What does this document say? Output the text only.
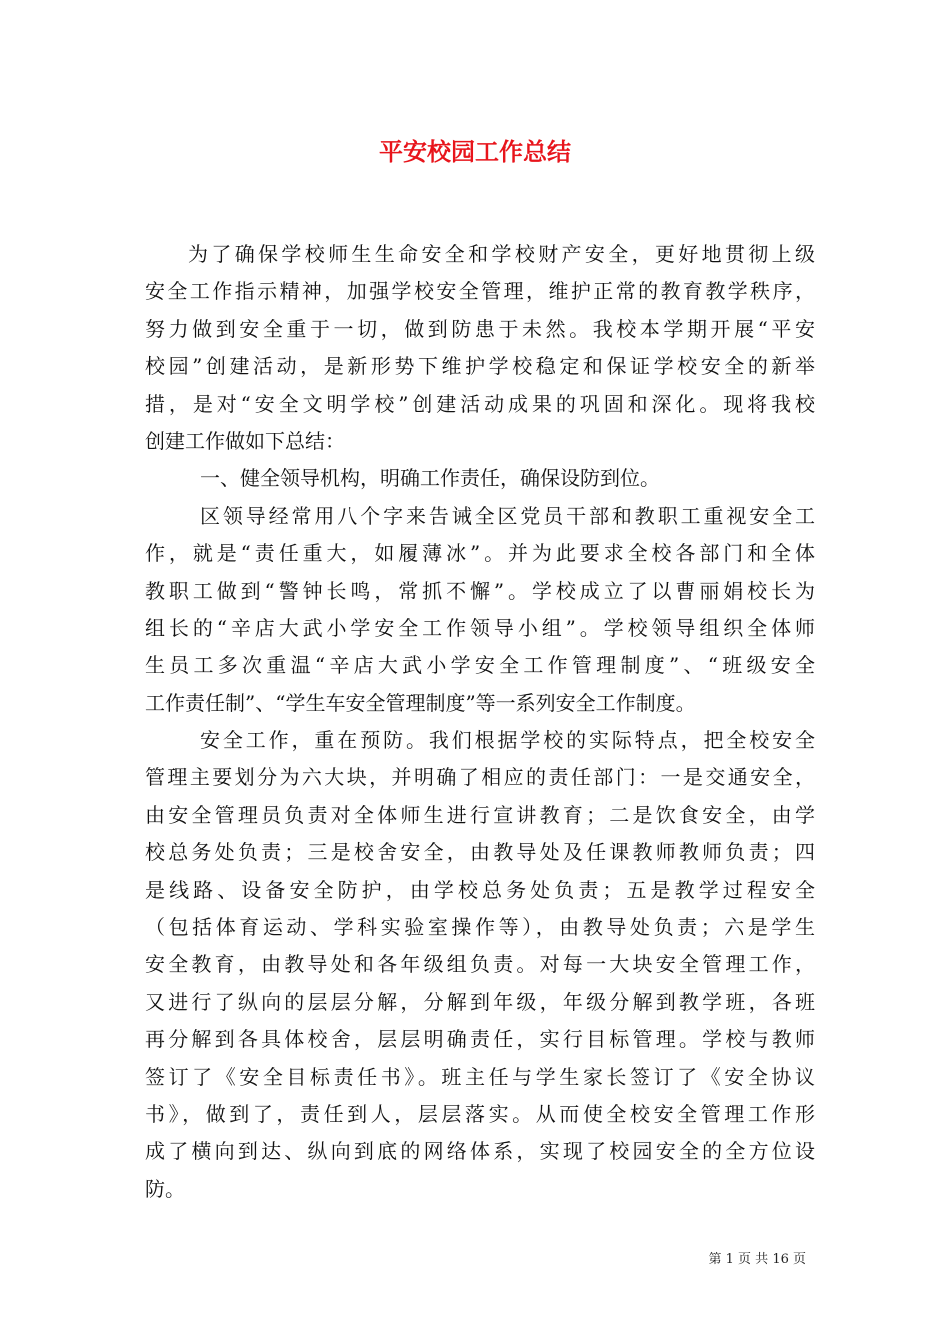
平安校园工作总结
为了确保学校师生生命安全和学校财产安全，更好地贯彻上级
安全工作指示精神，加强学校安全管理，维护正常的教育教学秩序，
努力做到安全重于一切，做到防患于未然。我校本学期开展“平安
校园”创建活动，是新形势下维护学校稳定和保证学校安全的新举
措，是对“安全文明学校”创建活动成果的巩固和深化。现将我校
创建工作做如下总结：
一、健全领导机构，明确工作责任，确保设防到位。
区领导经常用八个字来告诫全区党员干部和教职工重视安全工
作，就是“责任重大，如履薄冰”。并为此要求全校各部门和全体
教职工做到“警钟长鸣，常抓不懈”。学校成立了以曹丽娟校长为
组长的“辛店大武小学安全工作领导小组”。学校领导组织全体师
生员工多次重温“辛店大武小学安全工作管理制度”、“班级安全
工作责任制”、“学生车安全管理制度”等一系列安全工作制度。
安全工作，重在预防。我们根据学校的实际特点，把全校安全
管理主要划分为六大块，并明确了相应的责任部门：一是交通安全，
由安全管理员负责对全体师生进行宣讲教育；二是饮食安全，由学
校总务处负责；三是校舍安全，由教导处及任课教师教师负责；四
是线路、设备安全防护，由学校总务处负责；五是教学过程安全
（包括体育运动、学科实验室操作等），由教导处负责；六是学生
安全教育，由教导处和各年级组负责。对每一大块安全管理工作，
又进行了纵向的层层分解，分解到年级，年级分解到教学班，各班
再分解到各具体校舍，层层明确责任，实行目标管理。学校与教师
签订了《安全目标责任书》。班主任与学生家长签订了《安全协议
书》，做到了，责任到人，层层落实。从而使全校安全管理工作形
成了横向到达、纵向到底的网络体系，实现了校园安全的全方位设
防。
第 1 页 共 16 页
